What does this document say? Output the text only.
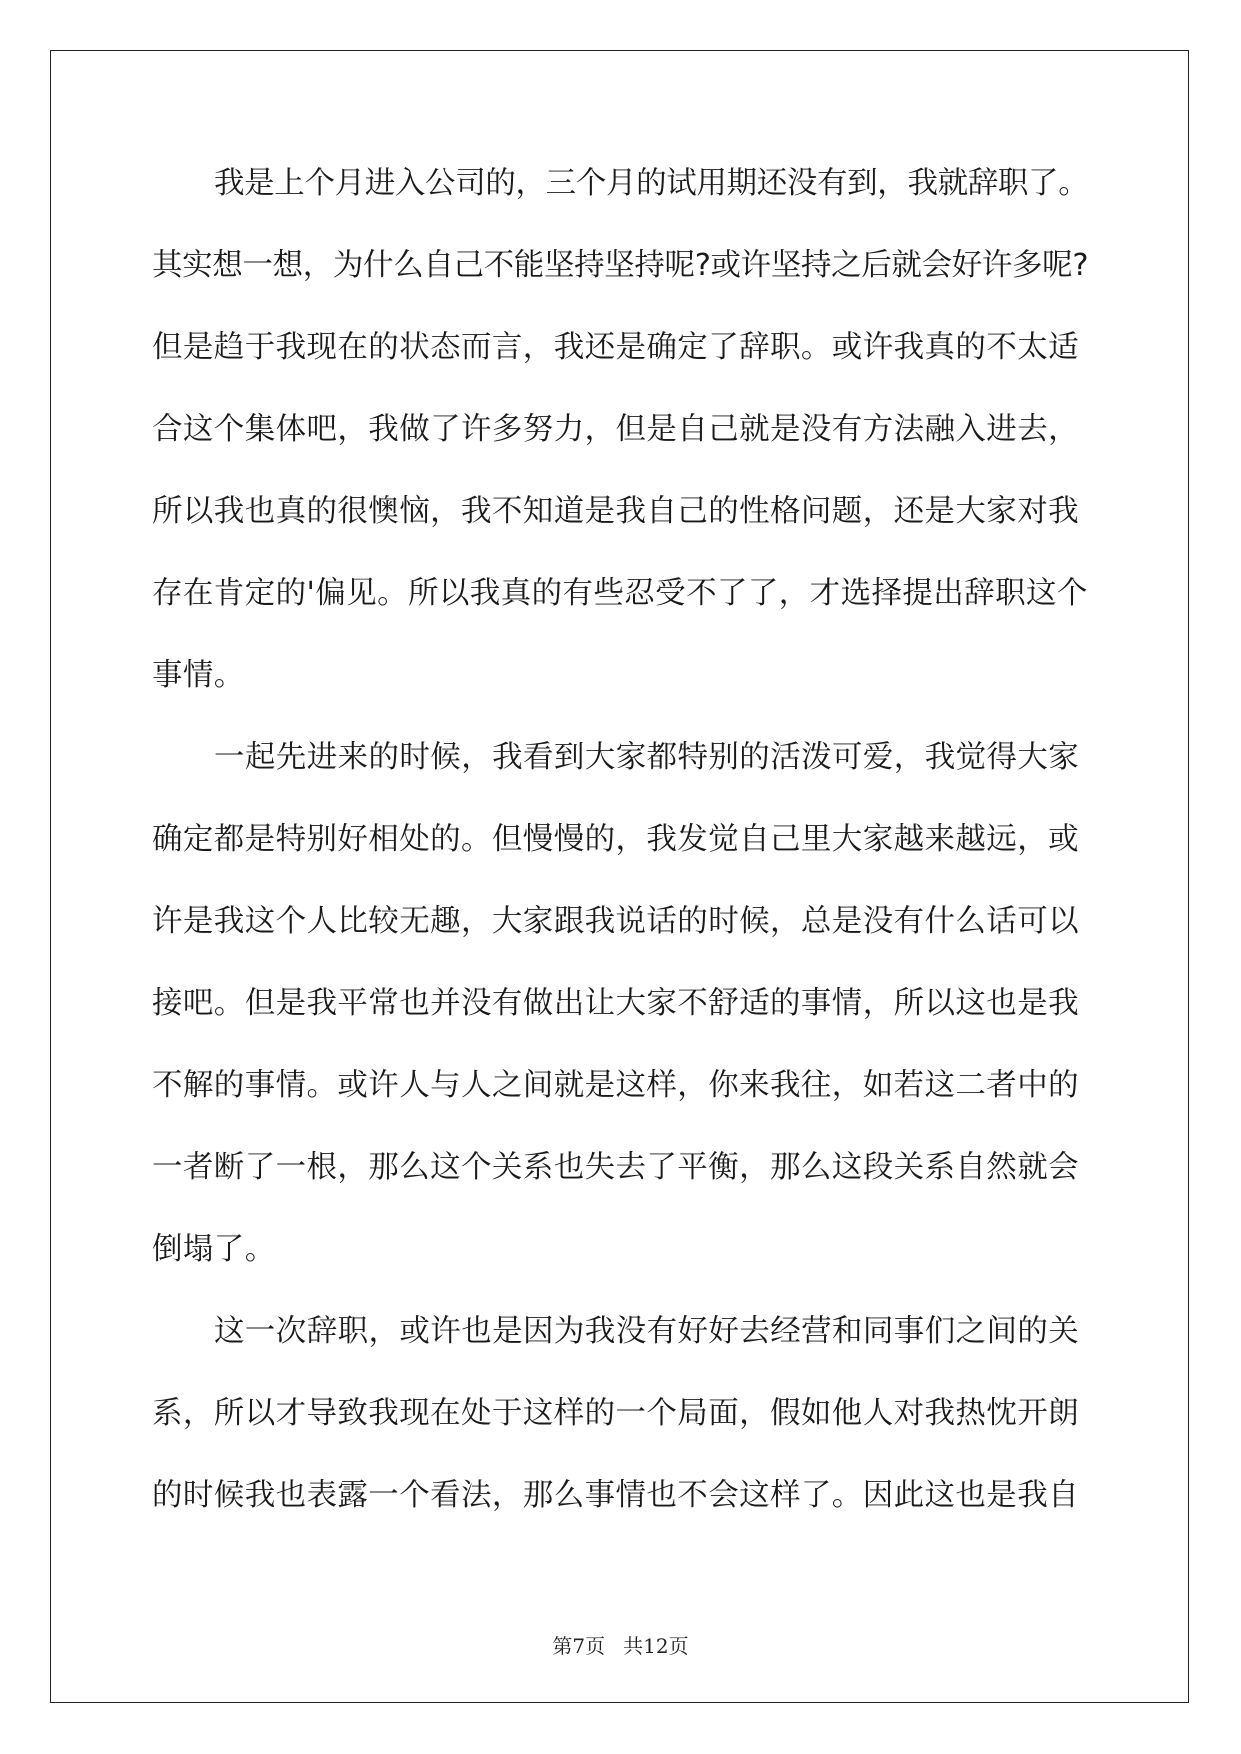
我是上个月进入公司的，三个月的试用期还没有到，我就辞职了。
其实想一想，为什么自己不能坚持坚持呢?或许坚持之后就会好许多呢?
但是趋于我现在的状态而言，我还是确定了辞职。或许我真的不太适
合这个集体吧，我做了许多努力，但是自己就是没有方法融入进去，
所以我也真的很懊恼，我不知道是我自己的性格问题，还是大家对我
存在肯定的'偏见。所以我真的有些忍受不了了，才选择提出辞职这个
事情。
一起先进来的时候，我看到大家都特别的活泼可爱，我觉得大家
确定都是特别好相处的。但慢慢的，我发觉自己里大家越来越远，或
许是我这个人比较无趣，大家跟我说话的时候，总是没有什么话可以
接吧。但是我平常也并没有做出让大家不舒适的事情，所以这也是我
不解的事情。或许人与人之间就是这样，你来我往，如若这二者中的
一者断了一根，那么这个关系也失去了平衡，那么这段关系自然就会
倒塌了。
这一次辞职，或许也是因为我没有好好去经营和同事们之间的关
系，所以才导致我现在处于这样的一个局面，假如他人对我热忱开朗
的时候我也表露一个看法，那么事情也不会这样了。因此这也是我自
第7页 共12页
